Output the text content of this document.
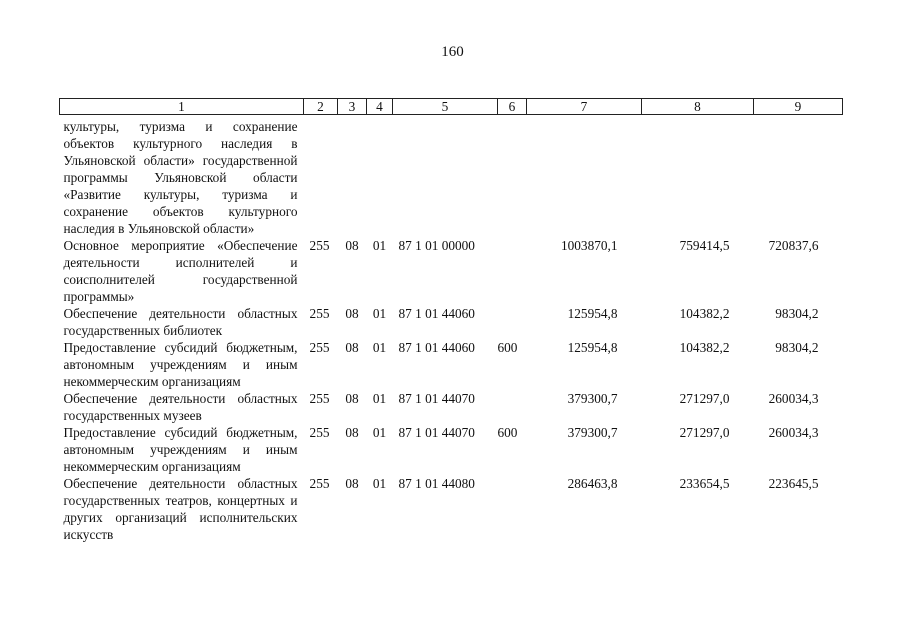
160
1	2	3	4	5	6	7	8	9
культуры, туризма и сохранение объектов культурного наследия в Ульяновской области» государственной программы Ульяновской области «Развитие культуры, туризма и сохранение объектов культурного наследия в Ульяновской области»								
Основное мероприятие «Обеспечение деятельности исполнителей и соисполнителей государственной программы»	255	08	01	87 1 01 00000		1003870,1	759414,5	720837,6
Обеспечение деятельности областных государственных библиотек	255	08	01	87 1 01 44060		125954,8	104382,2	98304,2
Предоставление субсидий бюджетным, автономным учреждениям и иным некоммерческим организациям	255	08	01	87 1 01 44060	600	125954,8	104382,2	98304,2
Обеспечение деятельности областных государственных музеев	255	08	01	87 1 01 44070		379300,7	271297,0	260034,3
Предоставление субсидий бюджетным, автономным учреждениям и иным некоммерческим организациям	255	08	01	87 1 01 44070	600	379300,7	271297,0	260034,3
Обеспечение деятельности областных государственных театров, концертных и других организаций исполнительских искусств	255	08	01	87 1 01 44080		286463,8	233654,5	223645,5
